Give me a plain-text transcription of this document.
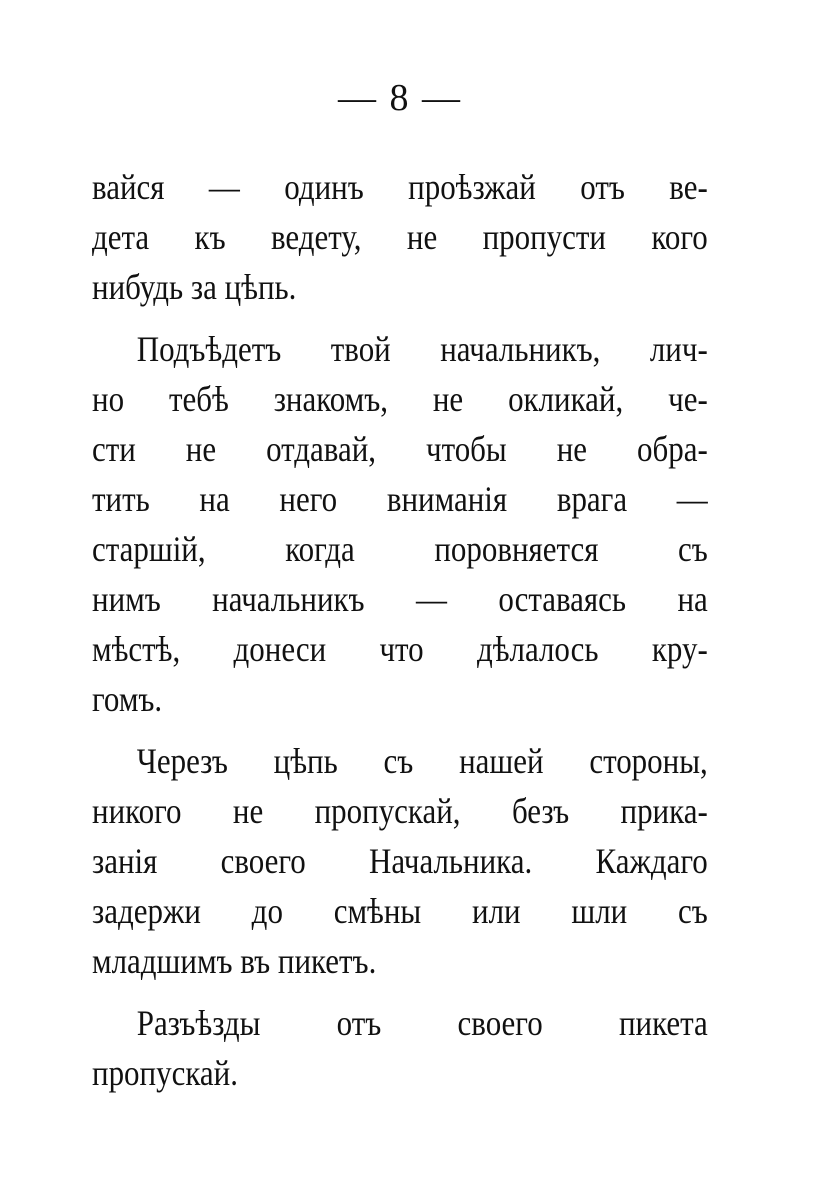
— 8 —
вайся — одинъ проѣзжай отъ ве-
дета къ ведету, не пропусти кого
нибудь за цѣпь.
Подъѣдетъ твой начальникъ, лич-
но тебѣ знакомъ, не окликай, че-
сти не отдавай, чтобы не обра-
тить на него вниманія врага —
старшій, когда поровняется съ
нимъ начальникъ — оставаясь на
мѣстѣ, донеси что дѣлалось кру-
гомъ.
Черезъ цѣпь съ нашей стороны,
никого не пропускай, безъ прика-
занія своего Начальника. Каждаго
задержи до смѣны или шли съ
младшимъ въ пикетъ.
Разъѣзды отъ своего пикета
пропускай.
